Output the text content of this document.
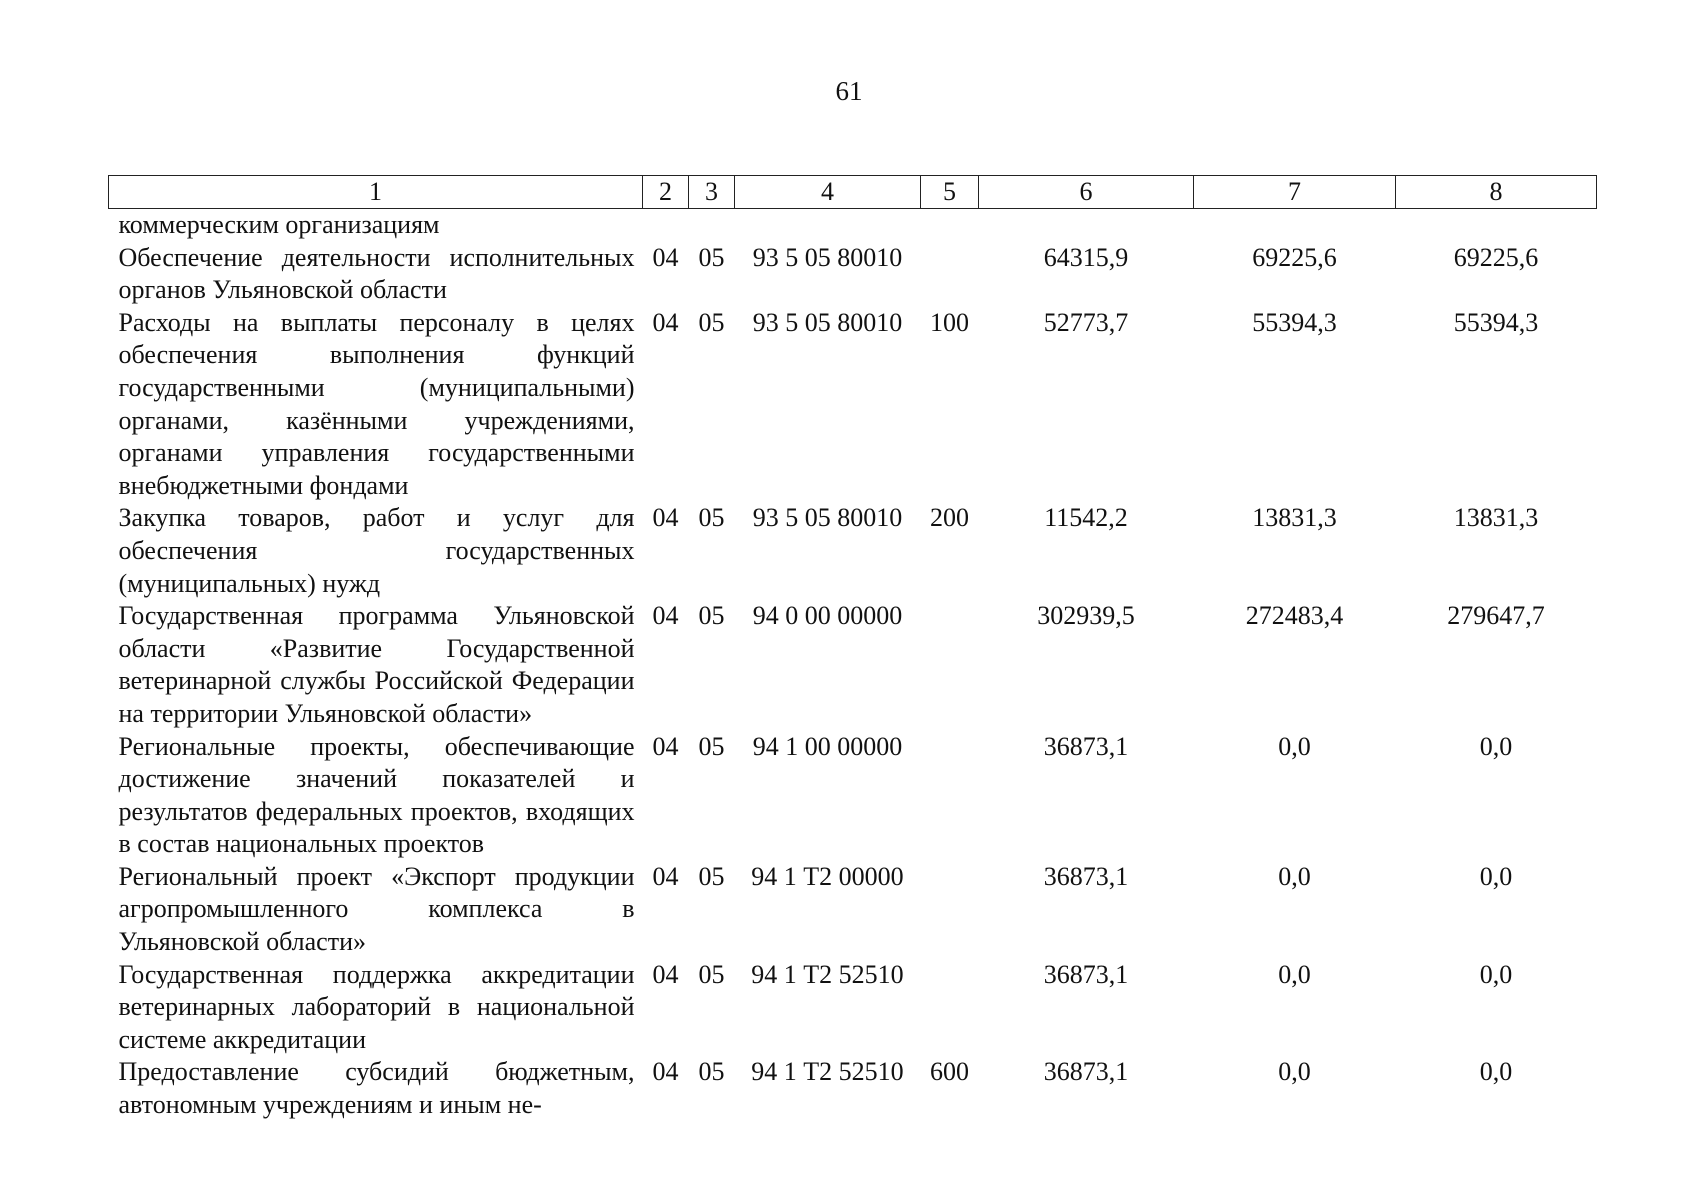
61
1	2	3	4	5	6	7	8
коммерческим организациям							
Обеспечение деятельности исполнительных органов Ульяновской области	04	05	93 5 05 80010		64315,9	69225,6	69225,6
Расходы на выплаты персоналу в целях обеспечения выполнения функций государственными (муниципальными) органами, казёнными учреждениями, органами управления государственными внебюджетными фондами	04	05	93 5 05 80010	100	52773,7	55394,3	55394,3
Закупка товаров, работ и услуг для обеспечения государственных (муниципальных) нужд	04	05	93 5 05 80010	200	11542,2	13831,3	13831,3
Государственная программа Ульяновской области «Развитие Государственной ветеринарной службы Российской Федерации на территории Ульяновской области»	04	05	94 0 00 00000		302939,5	272483,4	279647,7
Региональные проекты, обеспечивающие достижение значений показателей и результатов федеральных проектов, входящих в состав национальных проектов	04	05	94 1 00 00000		36873,1	0,0	0,0
Региональный проект «Экспорт продукции агропромышленного комплекса в Ульяновской области»	04	05	94 1 Т2 00000		36873,1	0,0	0,0
Государственная поддержка аккредитации ветеринарных лабораторий в национальной системе аккредитации	04	05	94 1 Т2 52510		36873,1	0,0	0,0
Предоставление субсидий бюджетным, автономным учреждениям и иным не-	04	05	94 1 Т2 52510	600	36873,1	0,0	0,0
